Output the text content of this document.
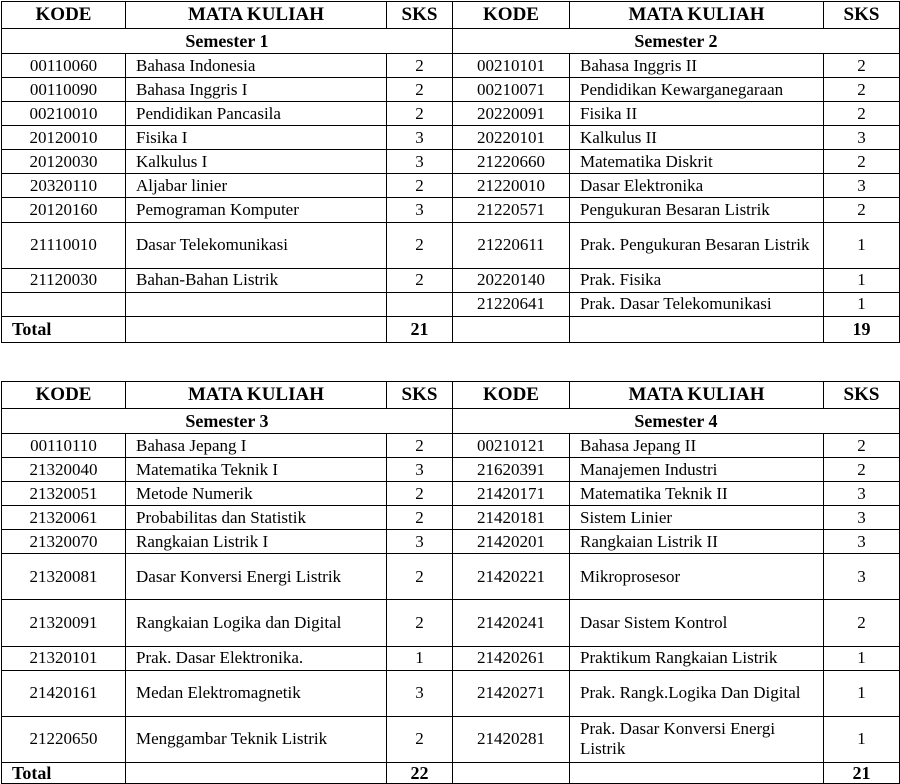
KODE	MATA KULIAH	SKS	KODE	MATA KULIAH	SKS
Semester 1			Semester 2		
00110060	Bahasa Indonesia	2	00210101	Bahasa Inggris II	2
00110090	Bahasa Inggris I	2	00210071	Pendidikan Kewarganegaraan	2
00210010	Pendidikan Pancasila	2	20220091	Fisika II	2
20120010	Fisika I	3	20220101	Kalkulus II	3
20120030	Kalkulus I	3	21220660	Matematika Diskrit	2
20320110	Aljabar linier	2	21220010	Dasar Elektronika	3
20120160	Pemograman Komputer	3	21220571	Pengukuran Besaran Listrik	2
21110010	Dasar Telekomunikasi	2	21220611	Prak. Pengukuran Besaran Listrik	1
21120030	Bahan-Bahan Listrik	2	20220140	Prak. Fisika	1
			21220641	Prak. Dasar Telekomunikasi	1
Total		21			19
KODE	MATA KULIAH	SKS	KODE	MATA KULIAH	SKS
Semester 3			Semester 4		
00110110	Bahasa Jepang I	2	00210121	Bahasa Jepang II	2
21320040	Matematika Teknik I	3	21620391	Manajemen Industri	2
21320051	Metode Numerik	2	21420171	Matematika Teknik II	3
21320061	Probabilitas dan Statistik	2	21420181	Sistem Linier	3
21320070	Rangkaian Listrik I	3	21420201	Rangkaian Listrik II	3
21320081	Dasar Konversi Energi Listrik	2	21420221	Mikroprosesor	3
21320091	Rangkaian Logika dan Digital	2	21420241	Dasar Sistem Kontrol	2
21320101	Prak. Dasar Elektronika.	1	21420261	Praktikum Rangkaian Listrik	1
21420161	Medan Elektromagnetik	3	21420271	Prak. Rangk.Logika Dan Digital	1
21220650	Menggambar Teknik Listrik	2	21420281	Prak. Dasar Konversi Energi Listrik	1
Total		22			21
